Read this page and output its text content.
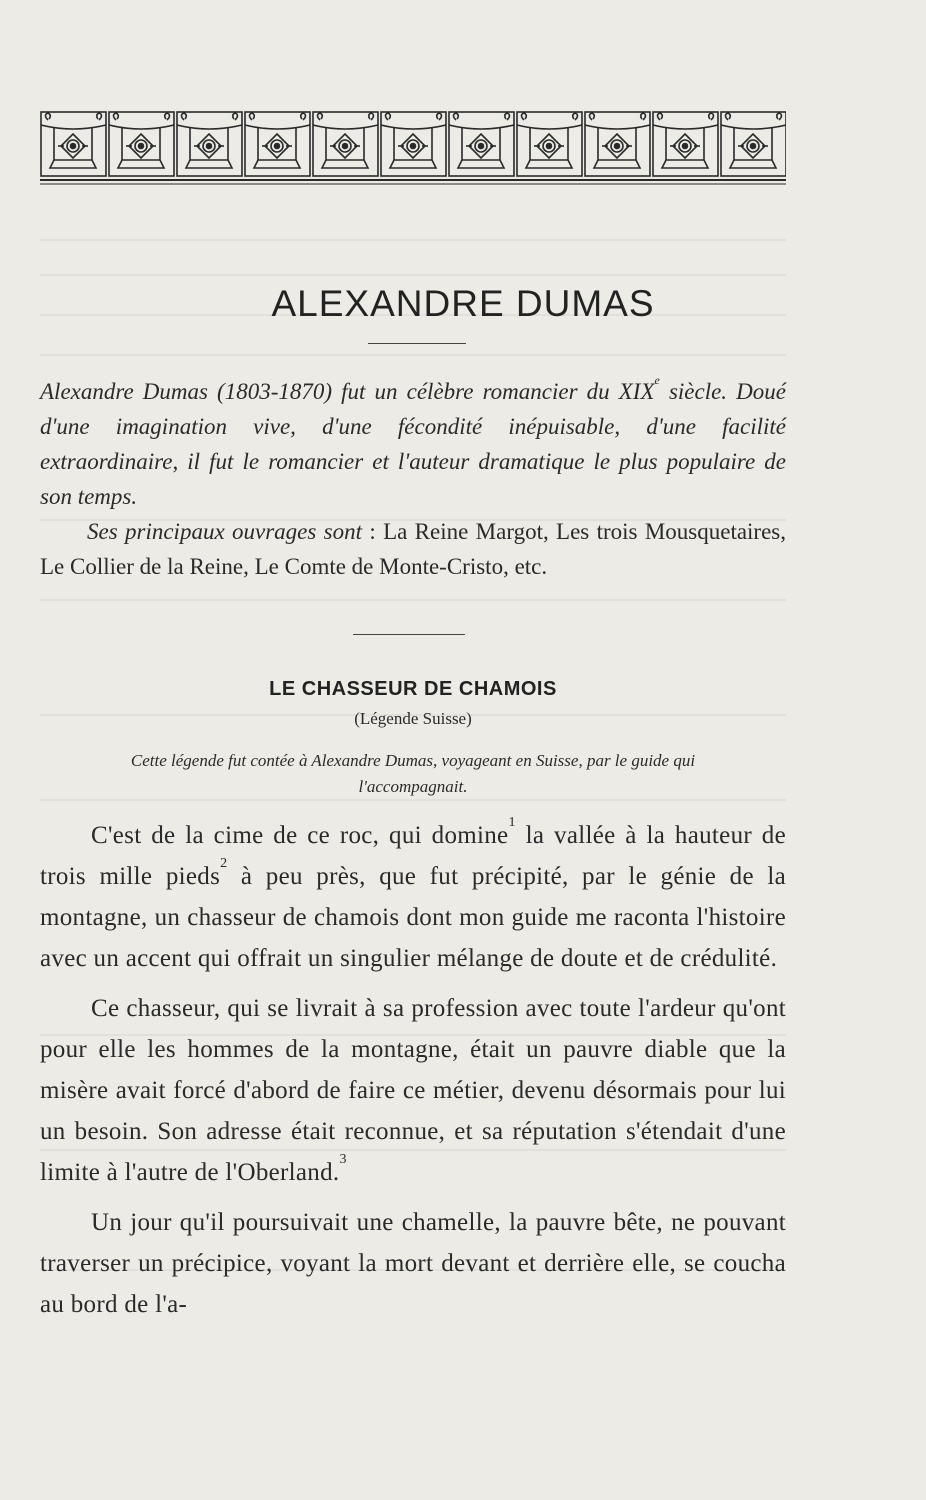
ALEXANDRE DUMAS

Alexandre Dumas (1803-1870) fut un célèbre romancier du XIXe siècle. Doué d'une imagination vive, d'une fécondité inépuisable, d'une facilité extraordinaire, il fut le romancier et l'auteur dramatique le plus populaire de son temps.

Ses principaux ouvrages sont : La Reine Margot, Les trois Mousquetaires, Le Collier de la Reine, Le Comte de Monte-Cristo, etc.

LE CHASSEUR DE CHAMOIS
(Légende Suisse)
Cette légende fut contée à Alexandre Dumas, voyageant en Suisse, par le guide qui l'accompagnait.

C'est de la cime de ce roc, qui domine$^1$ la vallée à la hauteur de trois mille pieds$^2$ à peu près, que fut précipité, par le génie de la montagne, un chasseur de chamois dont mon guide me raconta l'histoire avec un accent qui offrait un singulier mélange de doute et de crédulité.

Ce chasseur, qui se livrait à sa profession avec toute l'ardeur qu'ont pour elle les hommes de la montagne, était un pauvre diable que la misère avait forcé d'abord de faire ce métier, devenu désormais pour lui un besoin. Son adresse était reconnue, et sa réputation s'étendait d'une limite à l'autre de l'Oberland.$^3$

Un jour qu'il poursuivait une chamelle, la pauvre bête, ne pouvant traverser un précipice, voyant la mort devant et derrière elle, se coucha au bord de l'a-
